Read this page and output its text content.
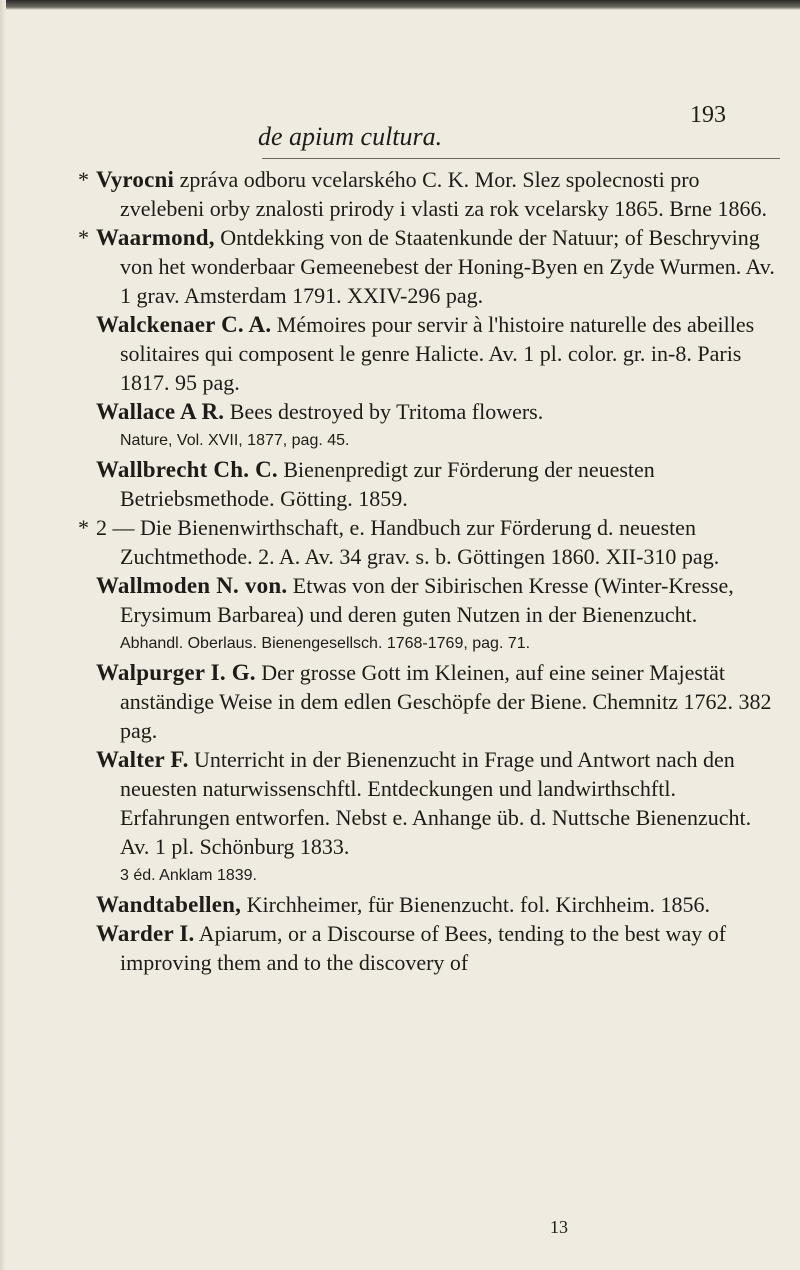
de apium cultura.
193
* Vyrocni zpráva odboru vcelarského C. K. Mor. Slez spolecnosti pro zvelebeni orby znalosti prirody i vlasti za rok vcelarsky 1865. Brne 1866.
* Waarmond, Ontdekking von de Staatenkunde der Natuur; of Beschryving von het wonderbaar Gemeenebest der Honing-Byen en Zyde Wurmen. Av. 1 grav. Amsterdam 1791. XXIV-296 pag.
Walckenaer C. A. Mémoires pour servir à l'histoire naturelle des abeilles solitaires qui composent le genre Halicte. Av. 1 pl. color. gr. in-8. Paris 1817. 95 pag.
Wallace A R. Bees destroyed by Tritoma flowers.
Nature, Vol. XVII, 1877, pag. 45.
Wallbrecht Ch. C. Bienenpredigt zur Förderung der neuesten Betriebsmethode. Götting. 1859.
* 2 — Die Bienenwirthschaft, e. Handbuch zur Förderung d. neuesten Zuchtmethode. 2. A. Av. 34 grav. s. b. Göttingen 1860. XII-310 pag.
Wallmoden N. von. Etwas von der Sibirischen Kresse (Winter-Kresse, Erysimum Barbarea) und deren guten Nutzen in der Bienenzucht.
Abhandl. Oberlaus. Bienengesellsch. 1768-1769, pag. 71.
Walpurger I. G. Der grosse Gott im Kleinen, auf eine seiner Majestät anständige Weise in dem edlen Geschöpfe der Biene. Chemnitz 1762. 382 pag.
Walter F. Unterricht in der Bienenzucht in Frage und Antwort nach den neuesten naturwissenschftl. Entdeckungen und landwirthschftl. Erfahrungen entworfen. Nebst e. Anhange üb. d. Nuttsche Bienenzucht. Av. 1 pl. Schönburg 1833.
3 éd. Anklam 1839.
Wandtabellen, Kirchheimer, für Bienenzucht. fol. Kirchheim. 1856.
Warder I. Apiarum, or a Discourse of Bees, tending to the best way of improving them and to the discovery of
13
